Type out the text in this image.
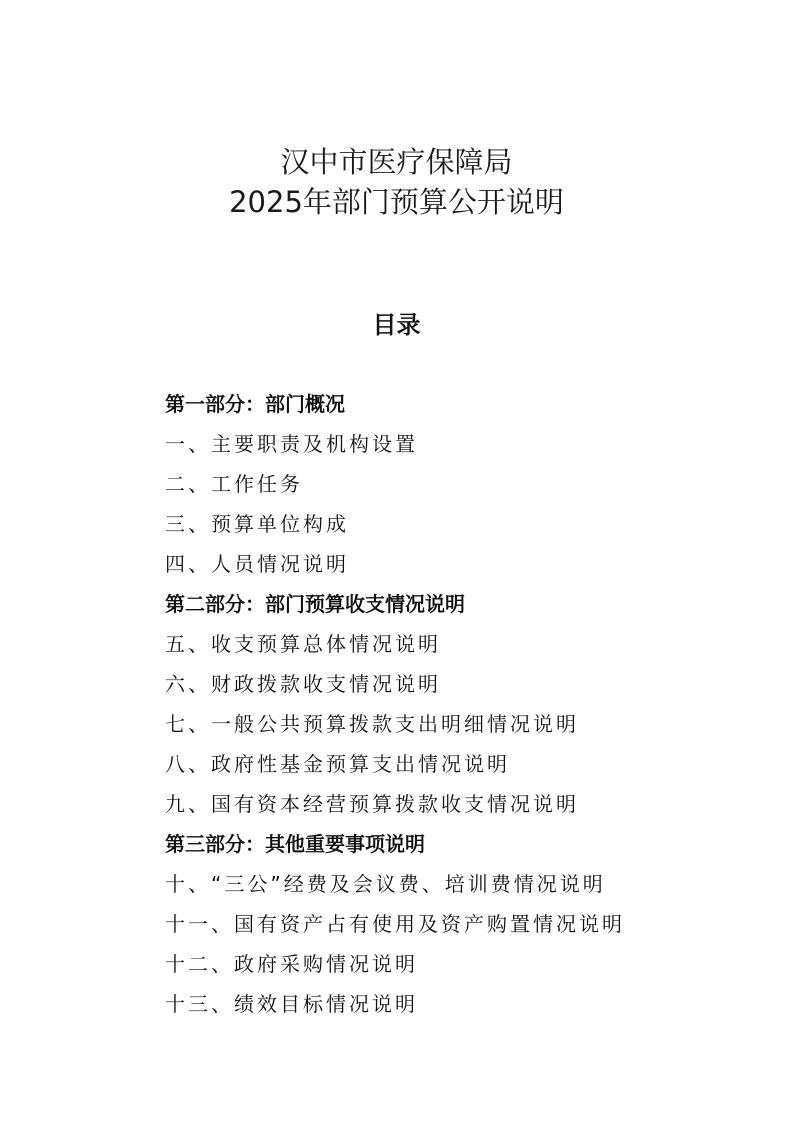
汉中市医疗保障局
2025年部门预算公开说明
目录
第一部分：部门概况
一、主要职责及机构设置
二、工作任务
三、预算单位构成
四、人员情况说明
第二部分：部门预算收支情况说明
五、收支预算总体情况说明
六、财政拨款收支情况说明
七、一般公共预算拨款支出明细情况说明
八、政府性基金预算支出情况说明
九、国有资本经营预算拨款收支情况说明
第三部分：其他重要事项说明
十、“三公”经费及会议费、培训费情况说明
十一、国有资产占有使用及资产购置情况说明
十二、政府采购情况说明
十三、绩效目标情况说明
